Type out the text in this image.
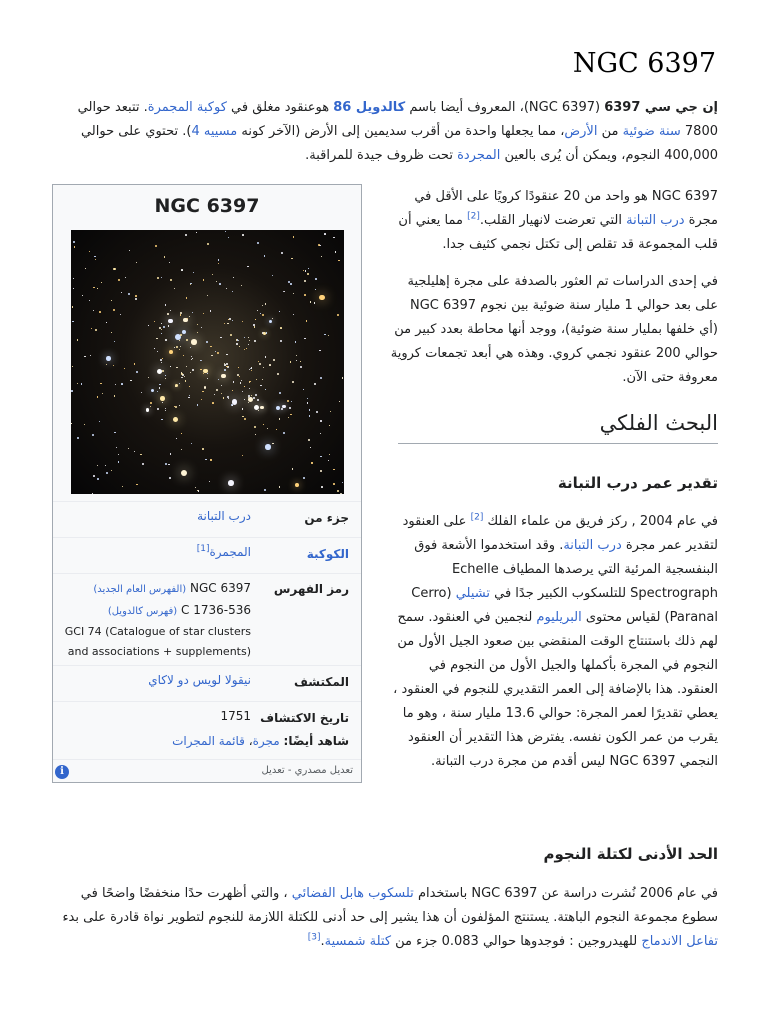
NGC 6397

إن جي سي 6397 (NGC 6397)، المعروف أيضا باسم كالدويل 86 هوعنقود مغلق في كوكبة المجمرة. تتبعد حوالي 7800 سنة ضوئية من الأرض، مما يجعلها واحدة من أقرب سديمين إلى الأرض (الآخر كونه مسييه 4). تحتوي على حوالي 400,000 النجوم، ويمكن أن يُرى بالعين المجردة تحت ظروف جيدة للمراقبة.

NGC 6397 هو واحد من 20 عنقودًا كرويًا على الأقل في مجرة درب التبانة التي تعرضت لانهيار القلب.[2] مما يعني أن قلب المجموعة قد تقلص إلى تكتل نجمي كثيف جدا.

في إحدى الدراسات تم العثور بالصدفة على مجرة إهليلجية على بعد حوالي 1 مليار سنة ضوئية بين نجوم NGC 6397 (أي خلفها بمليار سنة ضوئية)، ووجد أنها محاطة بعدد كبير من حوالي 200 عنقود نجمي كروي. وهذه هي أبعد تجمعات كروية معروفة حتى الآن.

البحث الفلكي
تقدير عمر درب التبانة

في عام 2004 , ركز فريق من علماء الفلك [2] على العنقود لتقدير عمر مجرة درب التبانة. وقد استخدموا الأشعة فوق البنفسجية المرئية التي يرصدها المطياف Echelle Spectrograph للتلسكوب الكبير جدًا في تشيلي (Cerro Paranal) لقياس محتوى البريليوم لنجمين في العنقود. سمح لهم ذلك باستنتاج الوقت المنقضي بين صعود الجيل الأول من النجوم في المجرة بأكملها والجيل الأول من النجوم في العنقود. هذا بالإضافة إلى العمر التقديري للنجوم في العنقود ، يعطي تقديرًا لعمر المجرة: حوالي 13.6 مليار سنة ، وهو ما يقرب من عمر الكون نفسه. يفترض هذا التقدير أن العنقود النجمي NGC 6397 ليس أقدم من مجرة درب التبانة.

الحد الأدنى لكتلة النجوم

في عام 2006 نُشرت دراسة عن NGC 6397 باستخدام تلسكوب هابل الفضائي ، والتي أظهرت حدًا منخفضًا واضحًا في سطوع مجموعة النجوم الباهتة. يستنتج المؤلفون أن هذا يشير إلى حد أدنى للكتلة اللازمة للنجوم لتطوير نواة قادرة على بدء تفاعل الاندماج للهيدروجين : فوجدوها حوالي 0.083 جزء من كتلة شمسية.[3]

NGC 6397
جزء من
درب التبانة
الكوكبة
المجمرة[1]
رمز الفهرس
NGC 6397 (الفهرس العام الجديد)
C 1736-536 (فهرس كالدويل)
GCI 74 (Catalogue of star clusters and associations + supplements)
المكتشف
نيقولا لويس دو لاكاي
تاريخ الاكتشاف
1751
شاهد أيضًا: مجرة، قائمة المجرات
i	تعديل مصدري - تعديل
